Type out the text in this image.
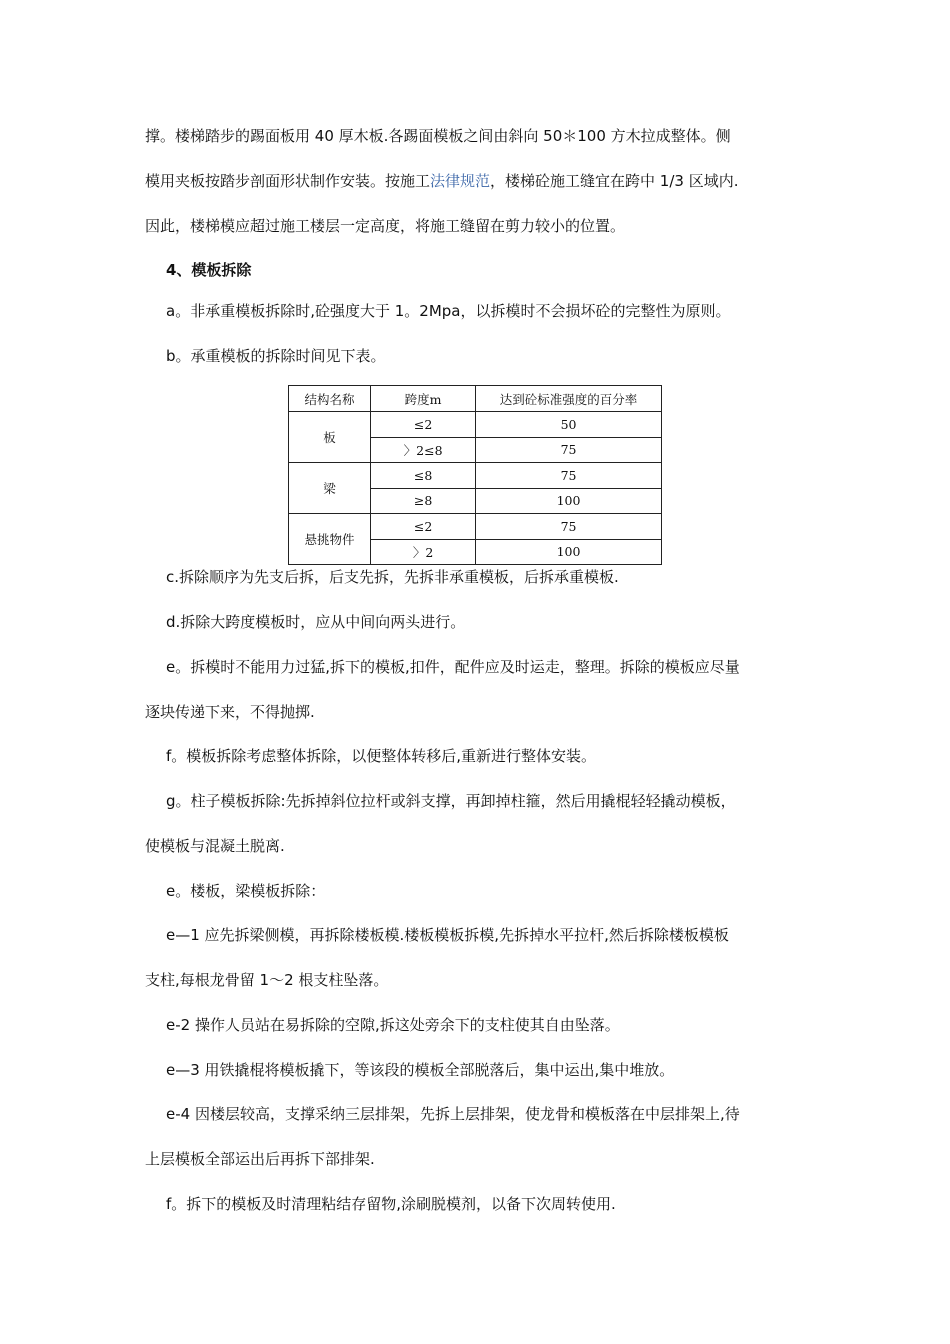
撑。楼梯踏步的踢面板用 40 厚木板.各踢面模板之间由斜向 50＊100 方木拉成整体。侧
模用夹板按踏步剖面形状制作安装。按施工法律规范，楼梯砼施工缝宜在跨中 1/3 区域内.
因此，楼梯模应超过施工楼层一定高度，将施工缝留在剪力较小的位置。
4、模板拆除
a。非承重模板拆除时,砼强度大于 1。2Mpa，以拆模时不会损坏砼的完整性为原则。
b。承重模板的拆除时间见下表。
结构名称	跨度m	达到砼标准强度的百分率
板	≤2	50
	〉2≤8	75
梁	≤8	75
	≥8	100
悬挑物件	≤2	75
	〉2	100
c.拆除顺序为先支后拆，后支先拆，先拆非承重模板，后拆承重模板.
d.拆除大跨度模板时，应从中间向两头进行。
e。拆模时不能用力过猛,拆下的模板,扣件，配件应及时运走，整理。拆除的模板应尽量
逐块传递下来，不得抛掷.
f。模板拆除考虑整体拆除，以便整体转移后,重新进行整体安装。
g。柱子模板拆除:先拆掉斜位拉杆或斜支撑，再卸掉柱箍，然后用撬棍轻轻撬动模板，
使模板与混凝土脱离.
e。楼板，梁模板拆除：
e—1 应先拆梁侧模，再拆除楼板模.楼板模板拆模,先拆掉水平拉杆,然后拆除楼板模板
支柱,每根龙骨留 1～2 根支柱坠落。
e-2 操作人员站在易拆除的空隙,拆这处旁余下的支柱使其自由坠落。
e—3 用铁撬棍将模板撬下，等该段的模板全部脱落后，集中运出,集中堆放。
e-4 因楼层较高，支撑采纳三层排架，先拆上层排架，使龙骨和模板落在中层排架上,待
上层模板全部运出后再拆下部排架.
f。拆下的模板及时清理粘结存留物,涂刷脱模剂，以备下次周转使用.
